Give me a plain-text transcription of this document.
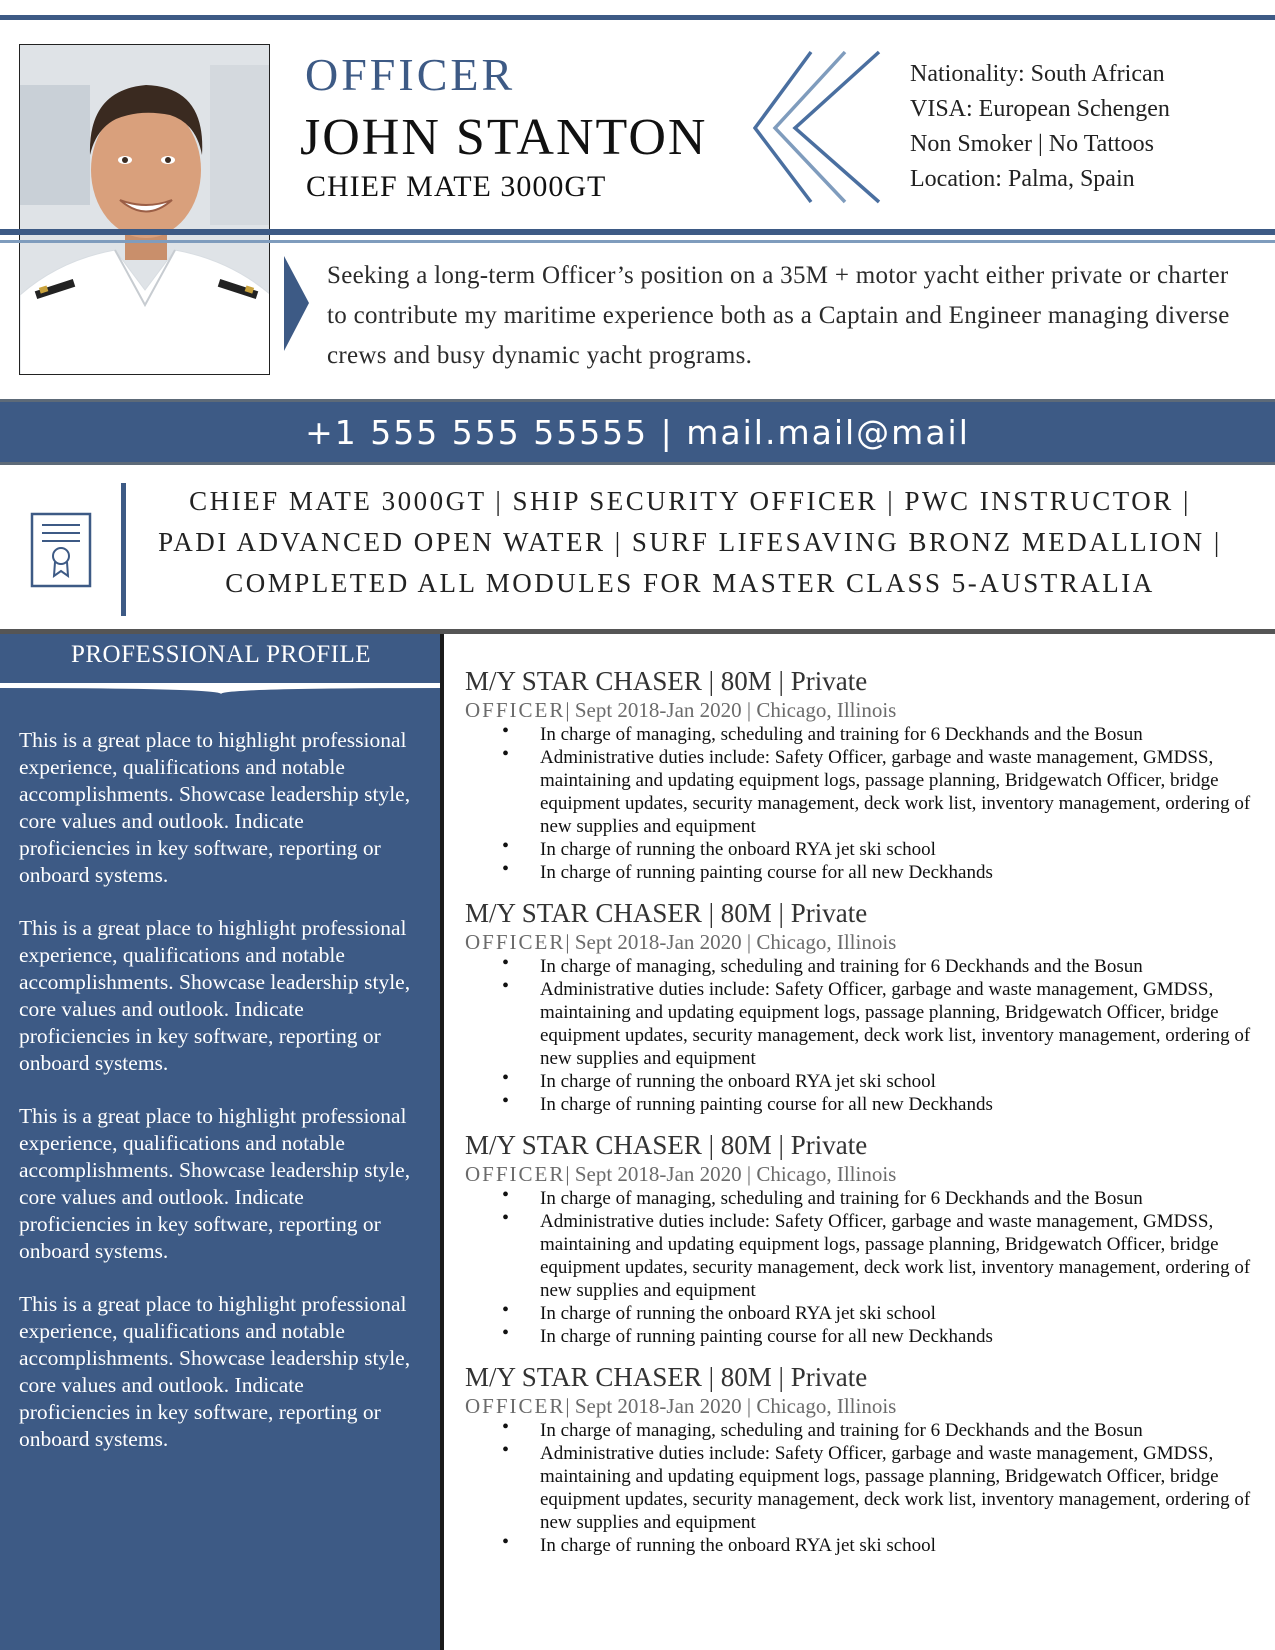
OFFICER
JOHN STANTON
CHIEF MATE 3000GT
Nationality: South African
VISA: European Schengen
Non Smoker | No Tattoos
Location: Palma, Spain
Seeking a long-term Officer’s position on a 35M + motor yacht either private or charter to contribute my maritime experience both as a Captain and Engineer managing diverse crews and busy dynamic yacht programs.
+1 555 555 55555 | mail.mail@mail
CHIEF MATE 3000GT | SHIP SECURITY OFFICER | PWC INSTRUCTOR |
PADI ADVANCED OPEN WATER | SURF LIFESAVING BRONZ MEDALLION |
COMPLETED ALL MODULES FOR MASTER CLASS 5-AUSTRALIA
PROFESSIONAL PROFILE

This is a great place to highlight professional experience, qualifications and notable accomplishments. Showcase leadership style, core values and outlook. Indicate proficiencies in key software, reporting or onboard systems.

This is a great place to highlight professional experience, qualifications and notable accomplishments. Showcase leadership style, core values and outlook. Indicate proficiencies in key software, reporting or onboard systems.

This is a great place to highlight professional experience, qualifications and notable accomplishments. Showcase leadership style, core values and outlook. Indicate proficiencies in key software, reporting or onboard systems.

This is a great place to highlight professional experience, qualifications and notable accomplishments. Showcase leadership style, core values and outlook. Indicate proficiencies in key software, reporting or onboard systems.

M/Y STAR CHASER | 80M | Private
OFFICER| Sept 2018-Jan 2020 | Chicago, Illinois
• In charge of managing, scheduling and training for 6 Deckhands and the Bosun
• Administrative duties include: Safety Officer, garbage and waste management, GMDSS, maintaining and updating equipment logs, passage planning, Bridgewatch Officer, bridge equipment updates, security management, deck work list, inventory management, ordering of new supplies and equipment
• In charge of running the onboard RYA jet ski school
• In charge of running painting course for all new Deckhands
M/Y STAR CHASER | 80M | Private
OFFICER| Sept 2018-Jan 2020 | Chicago, Illinois
• In charge of managing, scheduling and training for 6 Deckhands and the Bosun
• Administrative duties include: Safety Officer, garbage and waste management, GMDSS, maintaining and updating equipment logs, passage planning, Bridgewatch Officer, bridge equipment updates, security management, deck work list, inventory management, ordering of new supplies and equipment
• In charge of running the onboard RYA jet ski school
• In charge of running painting course for all new Deckhands
M/Y STAR CHASER | 80M | Private
OFFICER| Sept 2018-Jan 2020 | Chicago, Illinois
• In charge of managing, scheduling and training for 6 Deckhands and the Bosun
• Administrative duties include: Safety Officer, garbage and waste management, GMDSS, maintaining and updating equipment logs, passage planning, Bridgewatch Officer, bridge equipment updates, security management, deck work list, inventory management, ordering of new supplies and equipment
• In charge of running the onboard RYA jet ski school
• In charge of running painting course for all new Deckhands
M/Y STAR CHASER | 80M | Private
OFFICER| Sept 2018-Jan 2020 | Chicago, Illinois
• In charge of managing, scheduling and training for 6 Deckhands and the Bosun
• Administrative duties include: Safety Officer, garbage and waste management, GMDSS, maintaining and updating equipment logs, passage planning, Bridgewatch Officer, bridge equipment updates, security management, deck work list, inventory management, ordering of new supplies and equipment
• In charge of running the onboard RYA jet ski school
